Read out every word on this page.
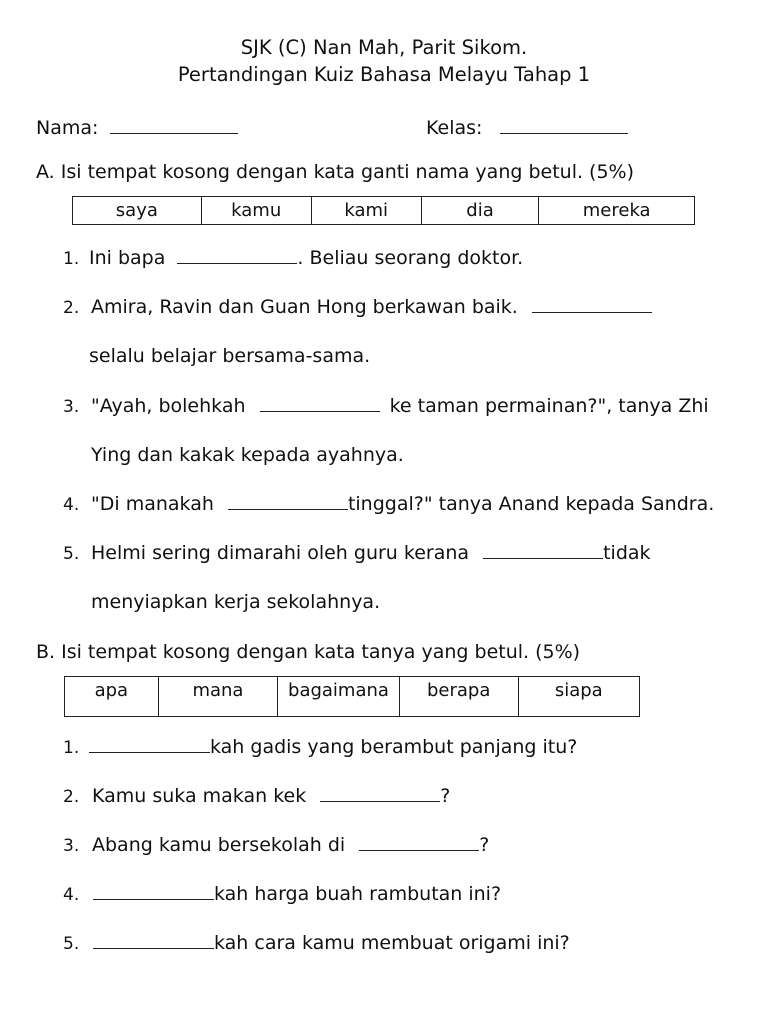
SJK (C) Nan Mah, Parit Sikom.
Pertandingan Kuiz Bahasa Melayu Tahap 1
Nama:	Kelas:
A. Isi tempat kosong dengan kata ganti nama yang betul. (5%)
saya	kamu	kami	dia	mereka
1. Ini bapa	. Beliau seorang doktor.
2. Amira, Ravin dan Guan Hong berkawan baik.
selalu belajar bersama-sama.
3. "Ayah, bolehkah	ke taman permainan?", tanya Zhi
Ying dan kakak kepada ayahnya.
4. "Di manakah	tinggal?" tanya Anand kepada Sandra.
5. Helmi sering dimarahi oleh guru kerana	tidak
menyiapkan kerja sekolahnya.
B. Isi tempat kosong dengan kata tanya yang betul. (5%)
apa	mana	bagaimana	berapa	siapa
1.	kah gadis yang berambut panjang itu?
2. Kamu suka makan kek	?
3. Abang kamu bersekolah di	?
4.	kah harga buah rambutan ini?
5.	kah cara kamu membuat origami ini?
